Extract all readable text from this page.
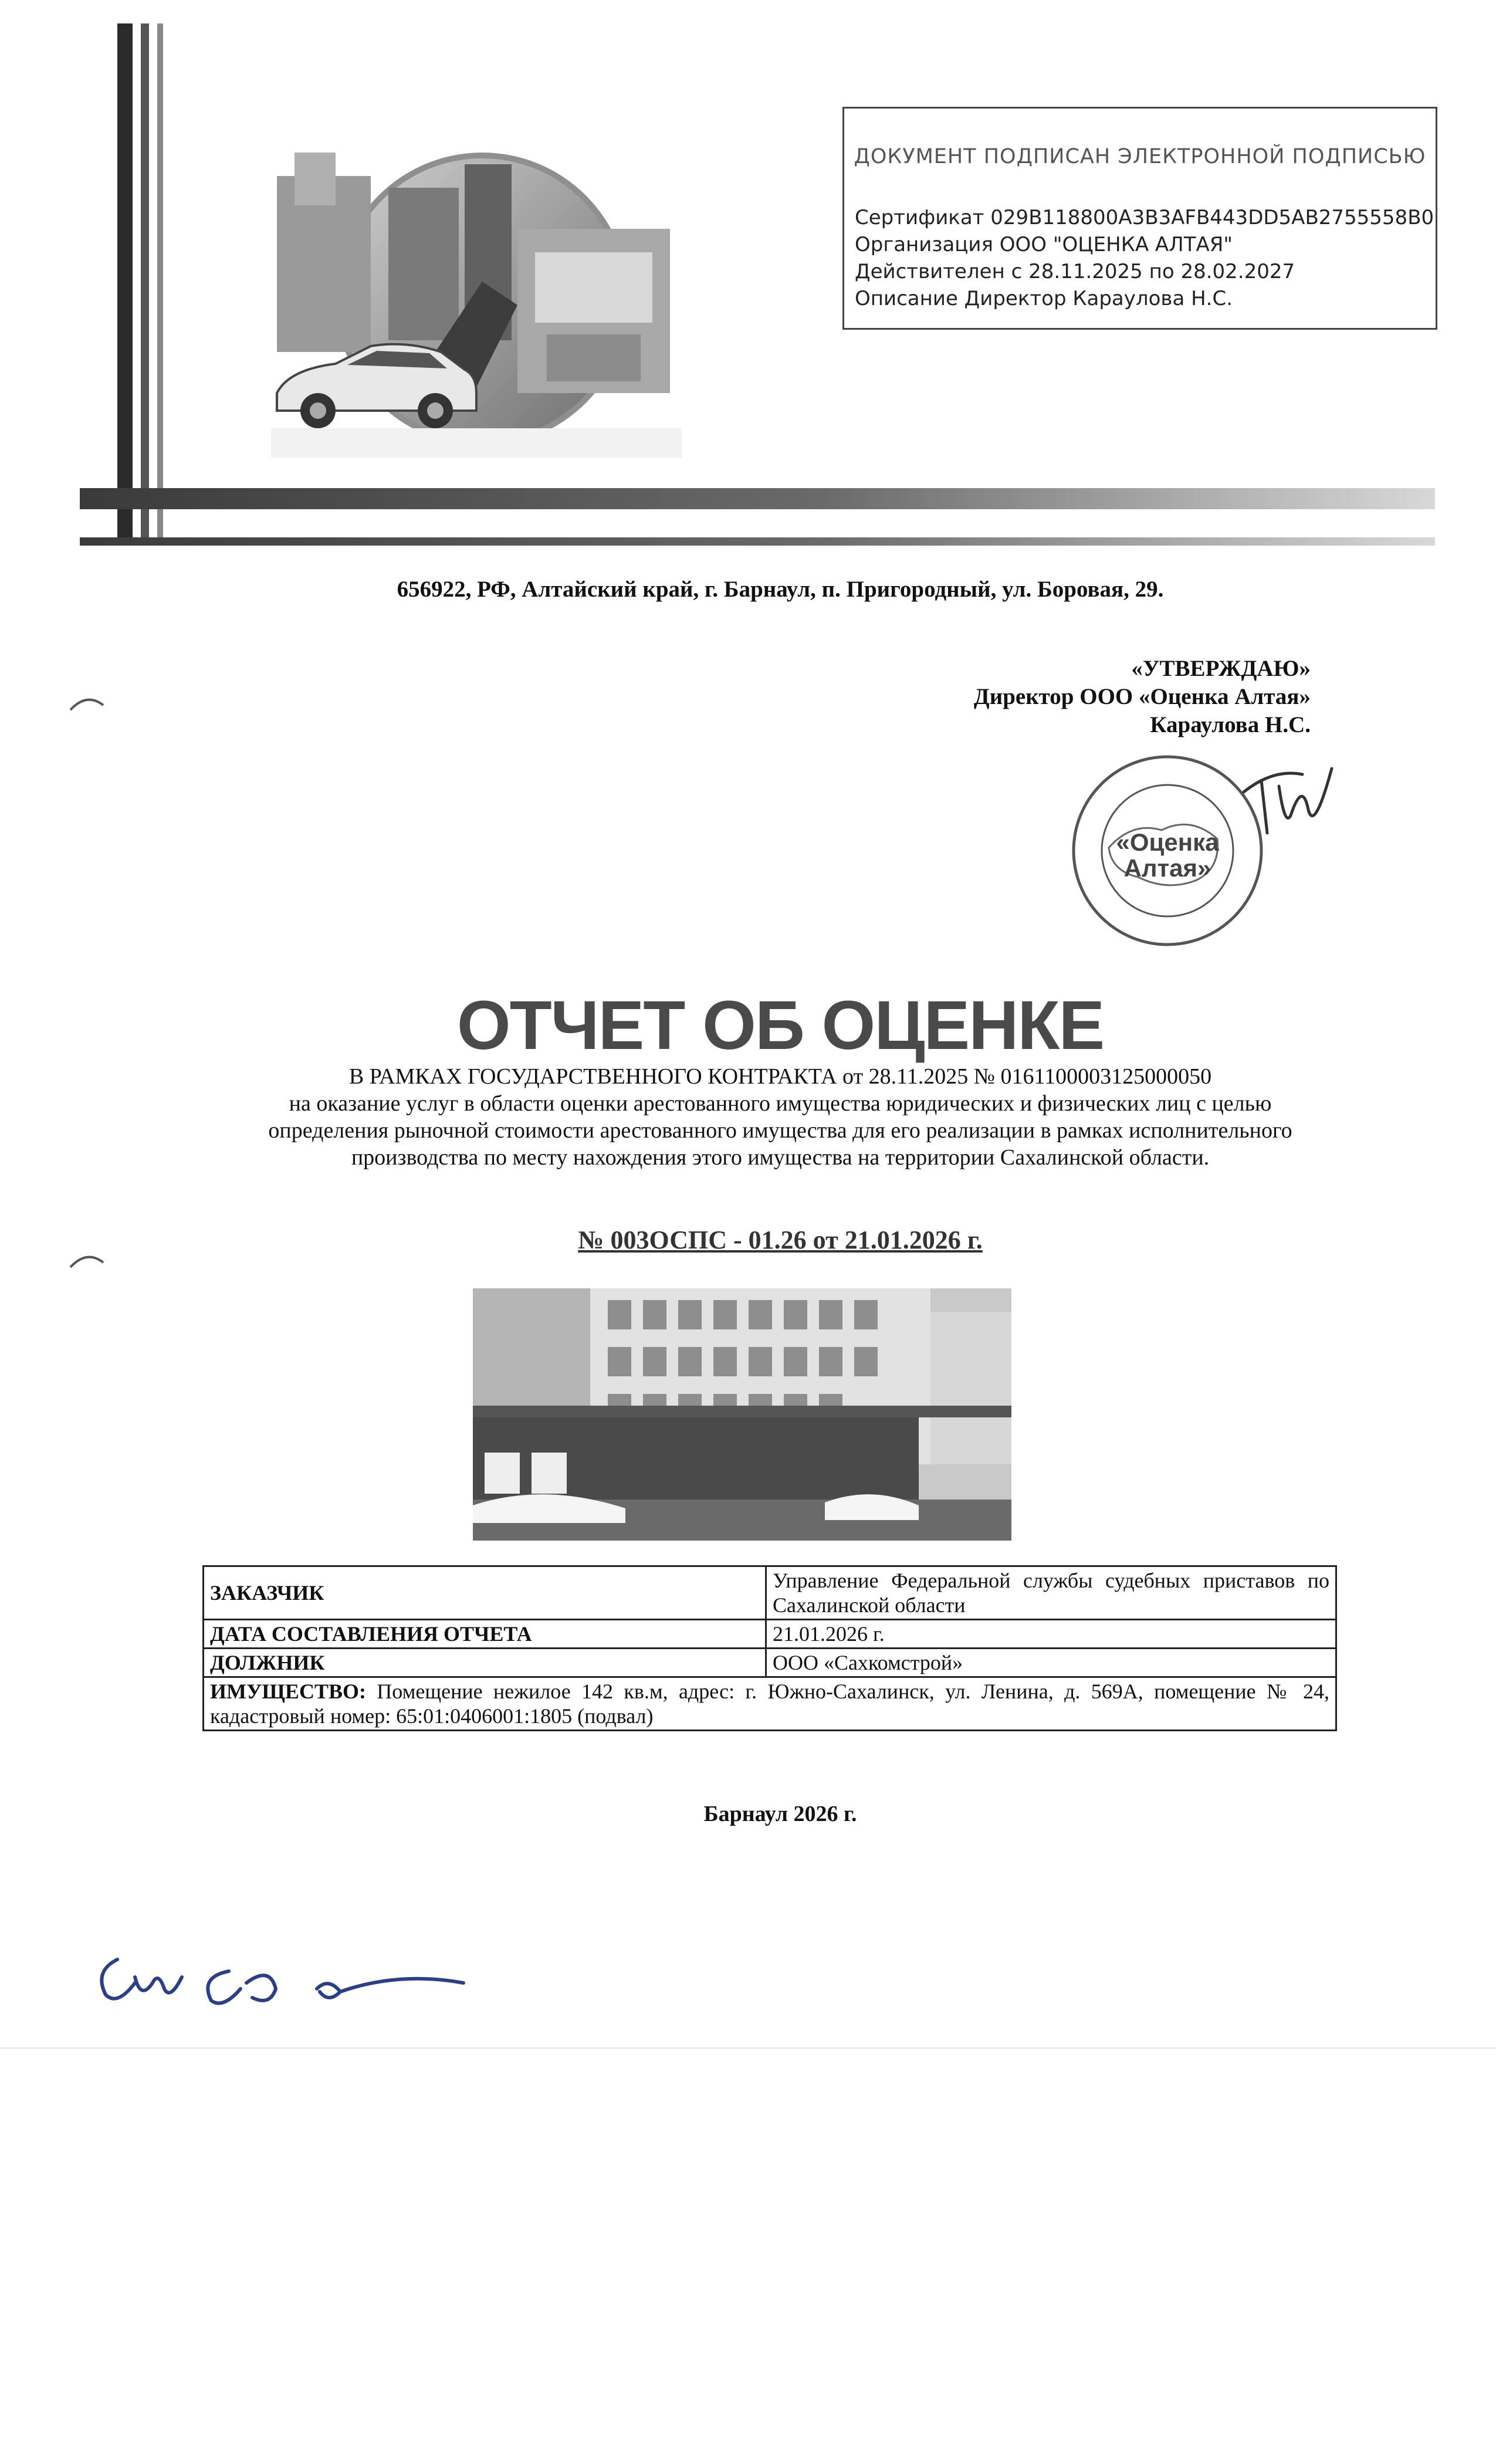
ДОКУМЕНТ ПОДПИСАН ЭЛЕКТРОННОЙ ПОДПИСЬЮ
Сертификат 029B118800A3B3AFB443DD5AB2755558B0
Организация ООО "ОЦЕНКА АЛТАЯ"
Действителен с 28.11.2025 по 28.02.2027
Описание Директор Караулова Н.С.
656922, РФ, Алтайский край, г. Барнаул, п. Пригородный, ул. Боровая, 29.
«УТВЕРЖДАЮ»
Директор ООО «Оценка Алтая»
Караулова Н.С.
«Оценка
Алтая»
ОТЧЕТ ОБ ОЦЕНКЕ
В РАМКАХ ГОСУДАРСТВЕННОГО КОНТРАКТА от 28.11.2025 № 0161100003125000050
на оказание услуг в области оценки арестованного имущества юридических и физических лиц с целью
определения рыночной стоимости арестованного имущества для его реализации в рамках исполнительного
производства по месту нахождения этого имущества на территории Сахалинской области.
№ 003ОСПС - 01.26 от 21.01.2026 г.
ЗАКАЗЧИК	Управление Федеральной службы судебных приставов по Сахалинской области
ДАТА СОСТАВЛЕНИЯ ОТЧЕТА	21.01.2026 г.
ДОЛЖНИК	ООО «Сахкомстрой»
ИМУЩЕСТВО: Помещение нежилое 142 кв.м, адрес: г. Южно-Сахалинск, ул. Ленина, д. 569А, помещение № 24, кадастровый номер: 65:01:0406001:1805 (подвал)	
Барнаул 2026 г.
